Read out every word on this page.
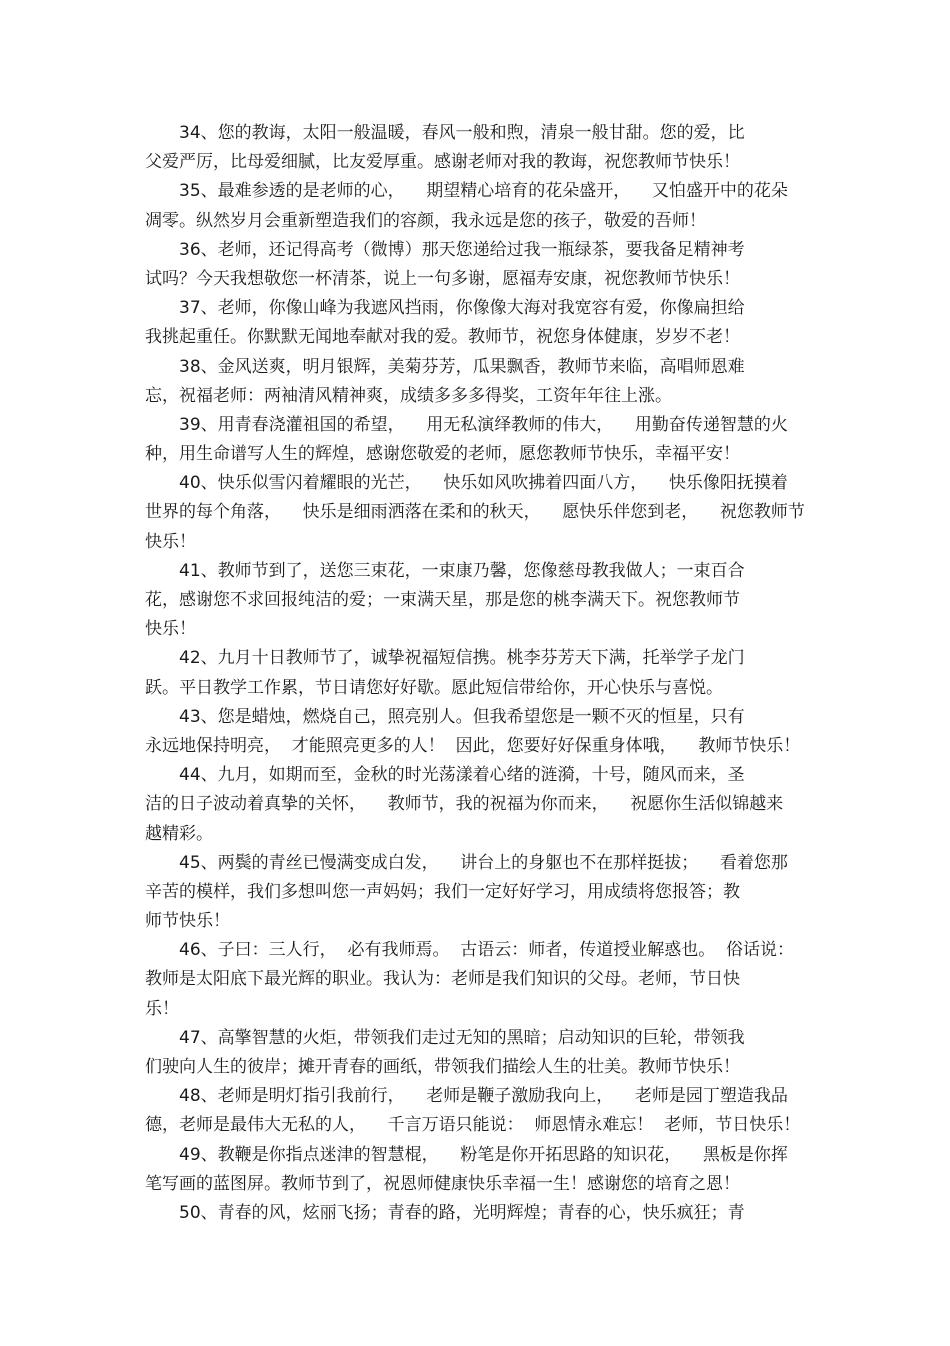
34、您的教诲，太阳一般温暖，春风一般和煦，清泉一般甘甜。您的爱，比
父爱严厉，比母爱细腻，比友爱厚重。感谢老师对我的教诲，祝您教师节快乐！
35、最难参透的是老师的心，    期望精心培育的花朵盛开，    又怕盛开中的花朵
凋零。纵然岁月会重新塑造我们的容颜，我永远是您的孩子，敬爱的吾师！
36、老师，还记得高考（微博）那天您递给过我一瓶绿茶，要我备足精神考
试吗？今天我想敬您一杯清茶，说上一句多谢，愿福寿安康，祝您教师节快乐！
37、老师，你像山峰为我遮风挡雨，你像像大海对我宽容有爱，你像扁担给
我挑起重任。你默默无闻地奉献对我的爱。教师节，祝您身体健康，岁岁不老！
38、金风送爽，明月银辉，美菊芬芳，瓜果飘香，教师节来临，高唱师恩难
忘，祝福老师：两袖清风精神爽，成绩多多多得奖，工资年年往上涨。
39、用青春浇灌祖国的希望，    用无私演绎教师的伟大，    用勤奋传递智慧的火
种，用生命谱写人生的辉煌，感谢您敬爱的老师，愿您教师节快乐，幸福平安！
40、快乐似雪闪着耀眼的光芒，    快乐如风吹拂着四面八方，    快乐像阳抚摸着
世界的每个角落，    快乐是细雨洒落在柔和的秋天，    愿快乐伴您到老，    祝您教师节
快乐！
41、教师节到了，送您三束花，一束康乃馨，您像慈母教我做人；一束百合
花，感谢您不求回报纯洁的爱；一束满天星，那是您的桃李满天下。祝您教师节
快乐！
42、九月十日教师节了，诚挚祝福短信携。桃李芬芳天下满，托举学子龙门
跃。平日教学工作累，节日请您好好歇。愿此短信带给你，开心快乐与喜悦。
43、您是蜡烛，燃烧自己，照亮别人。但我希望您是一颗不灭的恒星，只有
永远地保持明亮，  才能照亮更多的人！  因此，您要好好保重身体哦，    教师节快乐！
44、九月，如期而至，金秋的时光荡漾着心绪的涟漪，十号，随风而来，圣
洁的日子波动着真挚的关怀，    教师节，我的祝福为你而来，    祝愿你生活似锦越来
越精彩。
45、两鬓的青丝已慢满变成白发，    讲台上的身躯也不在那样挺拔；    看着您那
辛苦的模样，我们多想叫您一声妈妈；我们一定好好学习，用成绩将您报答；教
师节快乐！
46、子曰：三人行，  必有我师焉。  古语云：师者，传道授业解惑也。  俗话说：
教师是太阳底下最光辉的职业。我认为：老师是我们知识的父母。老师，节日快
乐！
47、高擎智慧的火炬，带领我们走过无知的黑暗；启动知识的巨轮，带领我
们驶向人生的彼岸；摊开青春的画纸，带领我们描绘人生的壮美。教师节快乐！
48、老师是明灯指引我前行，    老师是鞭子激励我向上，    老师是园丁塑造我品
德，老师是最伟大无私的人，    千言万语只能说：  师恩情永难忘！  老师，节日快乐！
49、教鞭是你指点迷津的智慧棍，    粉笔是你开拓思路的知识花，    黑板是你挥
笔写画的蓝图屏。教师节到了，祝恩师健康快乐幸福一生！感谢您的培育之恩！
50、青春的风，炫丽飞扬；青春的路，光明辉煌；青春的心，快乐疯狂；青
